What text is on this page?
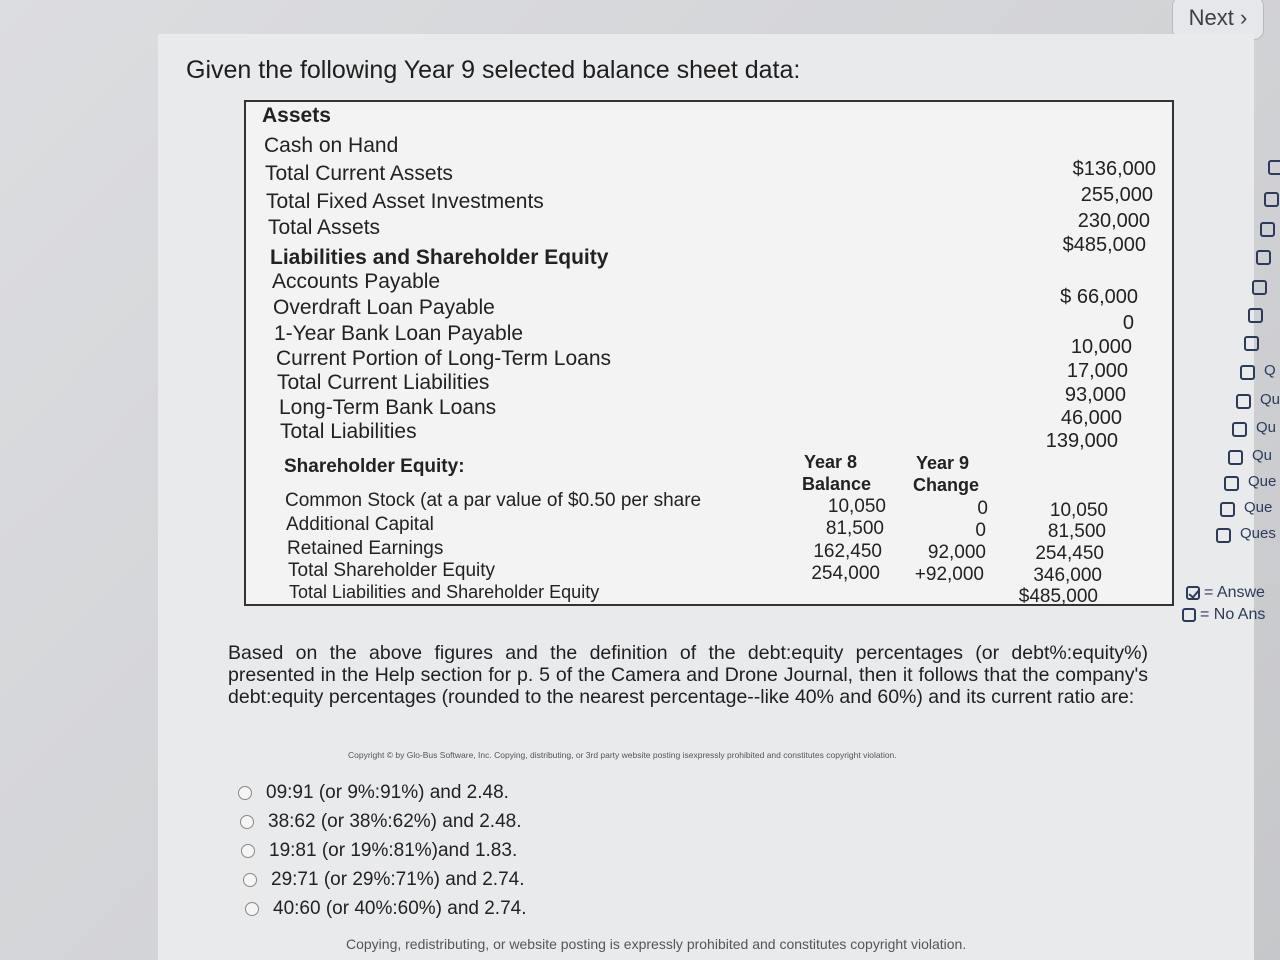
Next ›
Given the following Year 9 selected balance sheet data:
Assets
Cash on Hand
Total Current Assets
Total Fixed Asset Investments
Total Assets
$136,000
255,000
230,000
$485,000
Liabilities and Shareholder Equity
Accounts Payable
Overdraft Loan Payable
1-Year Bank Loan Payable
Current Portion of Long-Term Loans
Total Current Liabilities
Long-Term Bank Loans
Total Liabilities
$ 66,000
0
10,000
17,000
93,000
46,000
139,000
Shareholder Equity:	Year 8
Balance
Year 9
Change
Common Stock (at a par value of $0.50 per share
Additional Capital
Retained Earnings
Total Shareholder Equity
Total Liabilities and Shareholder Equity
10,050
81,500
162,450
254,000
0
0
92,000
+92,000
10,050
81,500
254,450
346,000
$485,000
Based on the above figures and the definition of the debt:equity percentages (or debt%:equity%) presented in the Help section for p. 5 of the Camera and Drone Journal, then it follows that the company's debt:equity percentages (rounded to the nearest percentage--like 40% and 60%) and its current ratio are:
Copyright © by Glo-Bus Software, Inc. Copying, distributing, or 3rd party website posting isexpressly prohibited and constitutes copyright violation.
09:91 (or 9%:91%) and 2.48.
38:62 (or 38%:62%) and 2.48.
19:81 (or 19%:81%)and 1.83.
29:71 (or 29%:71%) and 2.74.
40:60 (or 40%:60%) and 2.74.
Copying, redistributing, or website posting is expressly prohibited and constitutes copyright violation.
Q
Qu
Qu
Qu
Que
Que
Ques
= Answe
= No Ans
